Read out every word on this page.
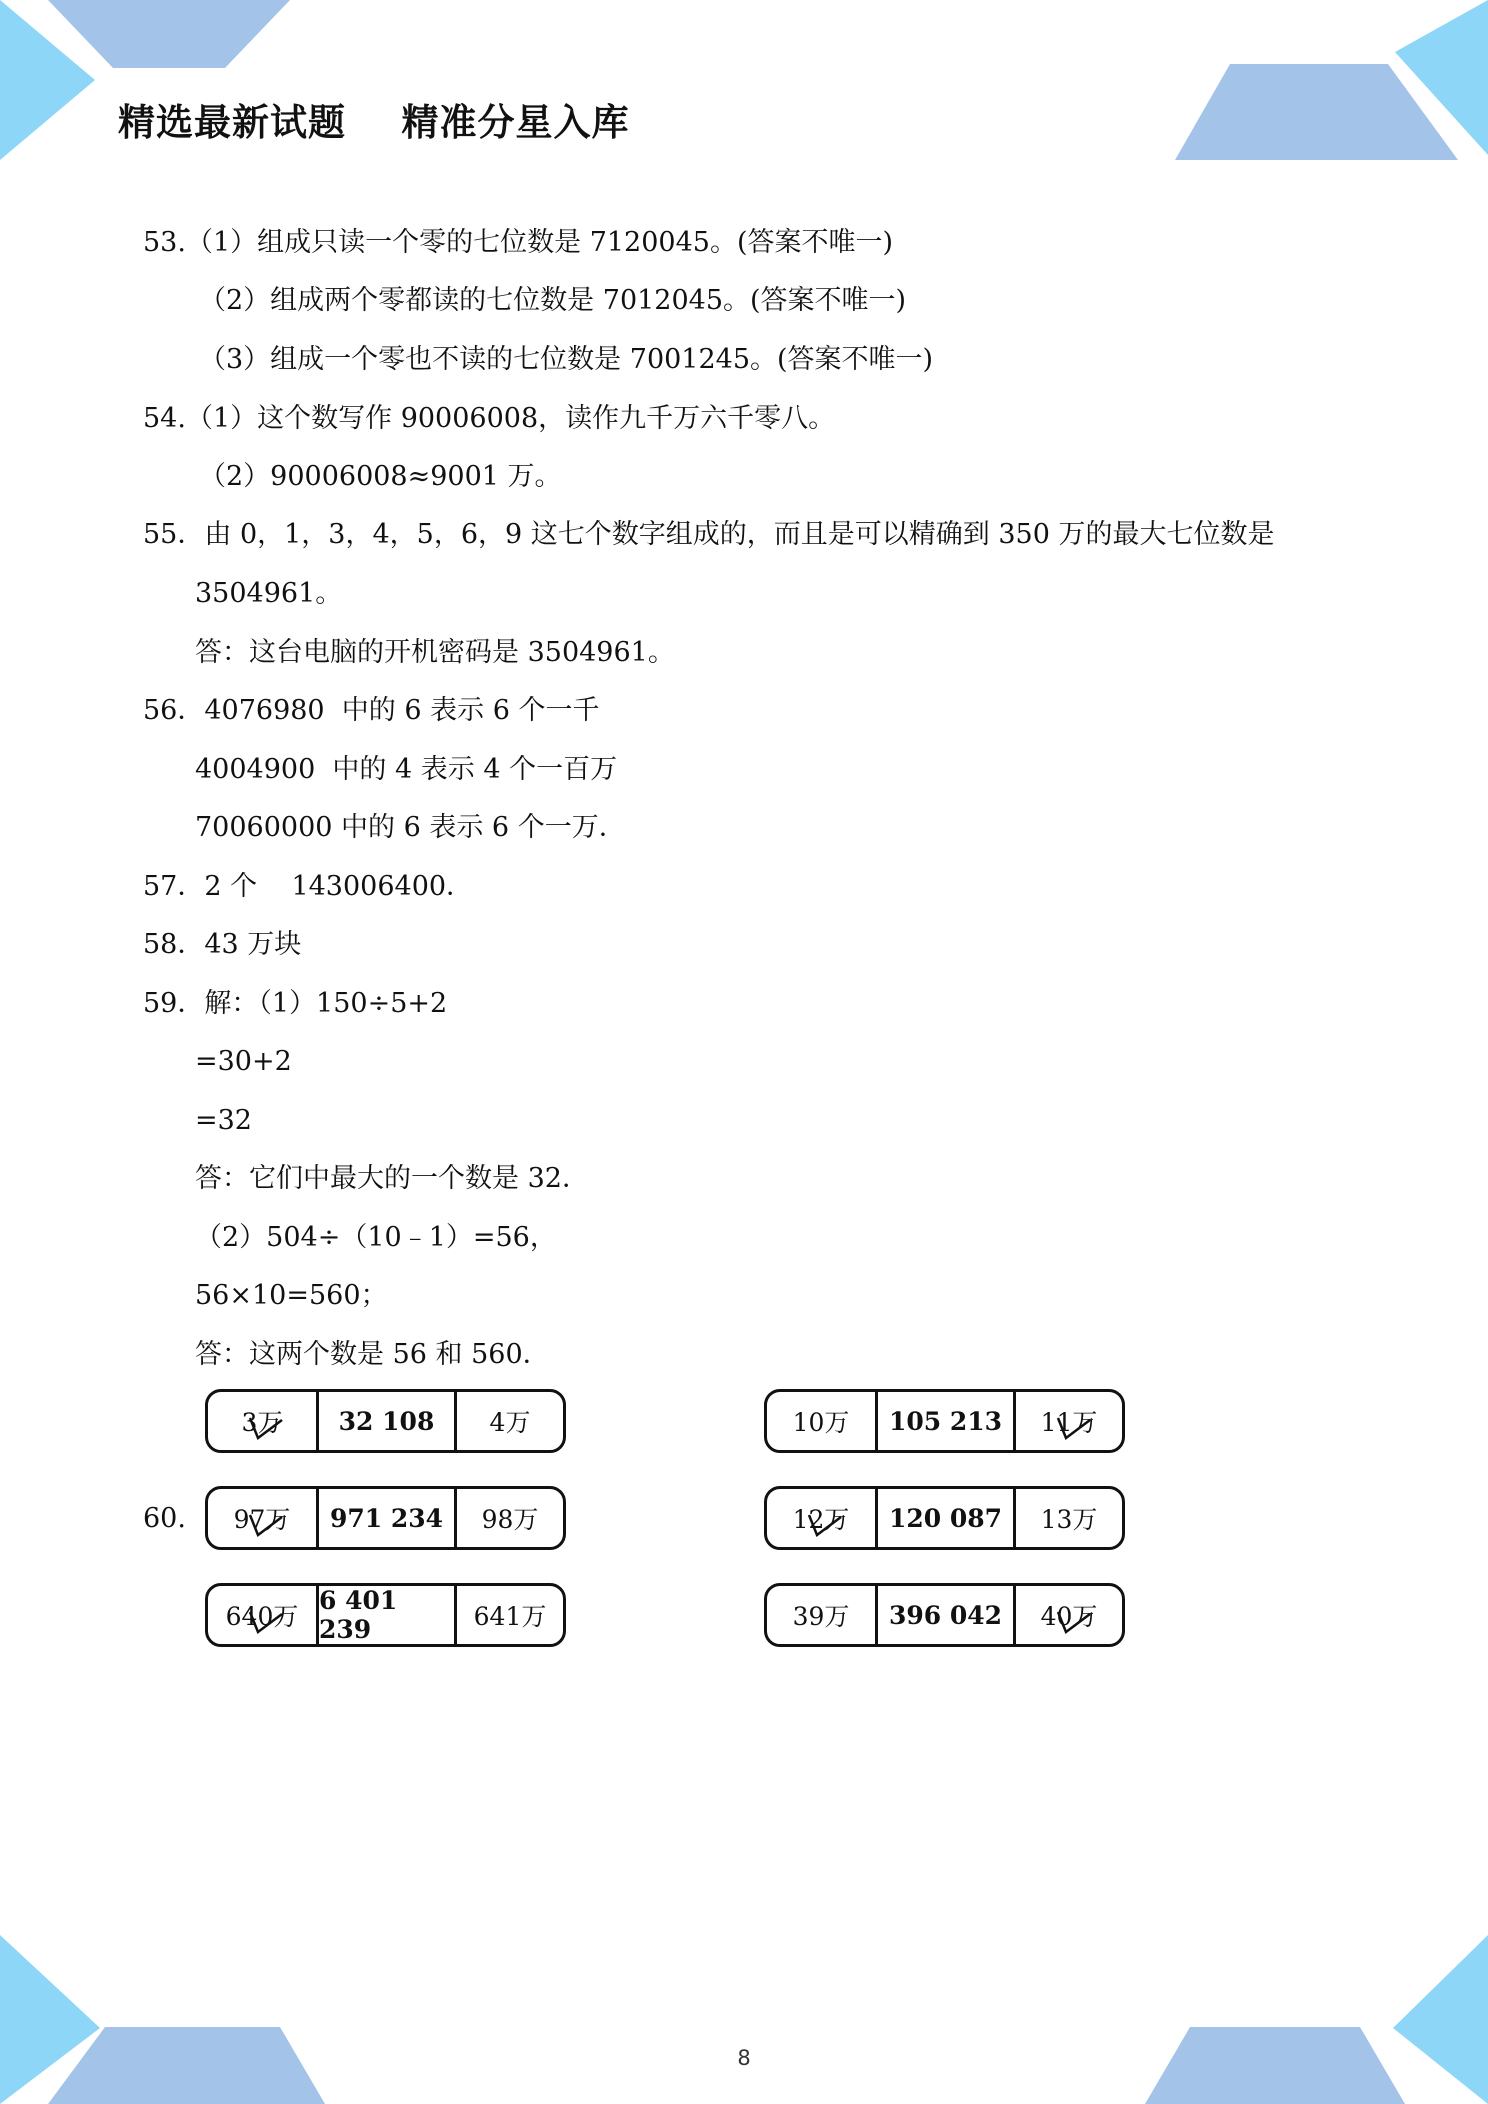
精选最新试题    精准分星入库
53.（1）组成只读一个零的七位数是 7120045。(答案不唯一)
（2）组成两个零都读的七位数是 7012045。(答案不唯一)
（3）组成一个零也不读的七位数是 7001245。(答案不唯一)
54.（1）这个数写作 90006008，读作九千万六千零八。
（2）90006008≈9001 万。
55．由 0，1，3，4，5，6，9 这七个数字组成的，而且是可以精确到 350 万的最大七位数是
3504961。
答：这台电脑的开机密码是 3504961。
56．4076980  中的 6 表示 6 个一千
4004900  中的 4 表示 4 个一百万
70060000 中的 6 表示 6 个一万．
57．2 个    143006400．
58．43 万块
59．解：（1）150÷5+2
=30+2
=32
答：它们中最大的一个数是 32．
（2）504÷（10﹣1）=56，
56×10=560；
答：这两个数是 56 和 560．
60.
3万 32 108 4万	10万 105 213 11万
97万 971 234 98万	12万 120 087 13万
640万
6 401 239	641万	39万 396 042 40万
8
